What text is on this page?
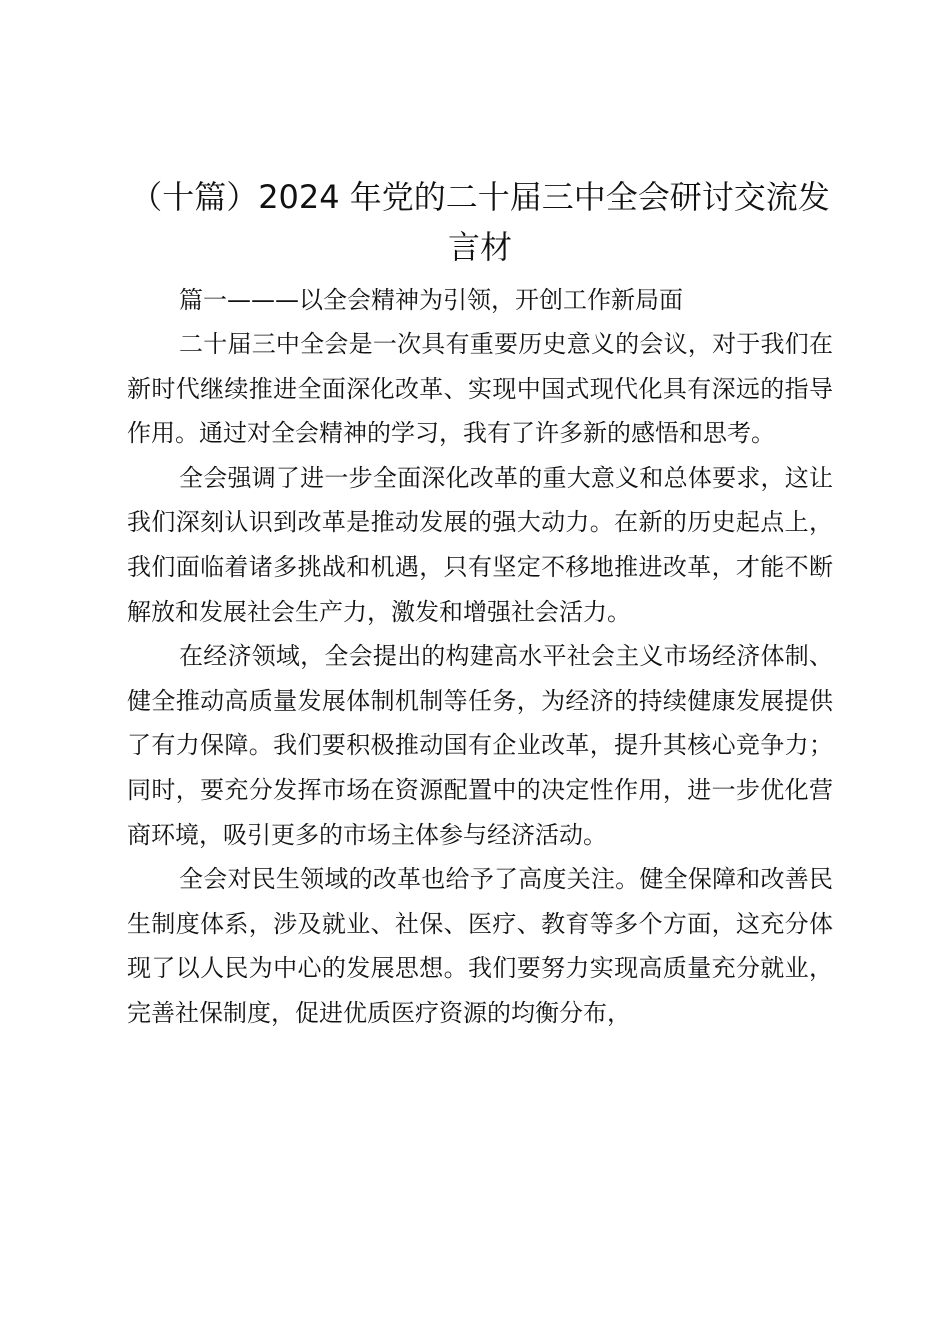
（十篇）2024 年党的二十届三中全会研讨交流发言材

篇一———以全会精神为引领，开创工作新局面

二十届三中全会是一次具有重要历史意义的会议，对于我们在新时代继续推进全面深化改革、实现中国式现代化具有深远的指导作用。通过对全会精神的学习，我有了许多新的感悟和思考。

全会强调了进一步全面深化改革的重大意义和总体要求，这让我们深刻认识到改革是推动发展的强大动力。在新的历史起点上，我们面临着诸多挑战和机遇，只有坚定不移地推进改革，才能不断解放和发展社会生产力，激发和增强社会活力。

在经济领域，全会提出的构建高水平社会主义市场经济体制、健全推动高质量发展体制机制等任务，为经济的持续健康发展提供了有力保障。我们要积极推动国有企业改革，提升其核心竞争力；同时，要充分发挥市场在资源配置中的决定性作用，进一步优化营商环境，吸引更多的市场主体参与经济活动。

全会对民生领域的改革也给予了高度关注。健全保障和改善民生制度体系，涉及就业、社保、医疗、教育等多个方面，这充分体现了以人民为中心的发展思想。我们要努力实现高质量充分就业，完善社保制度，促进优质医疗资源的均衡分布，
